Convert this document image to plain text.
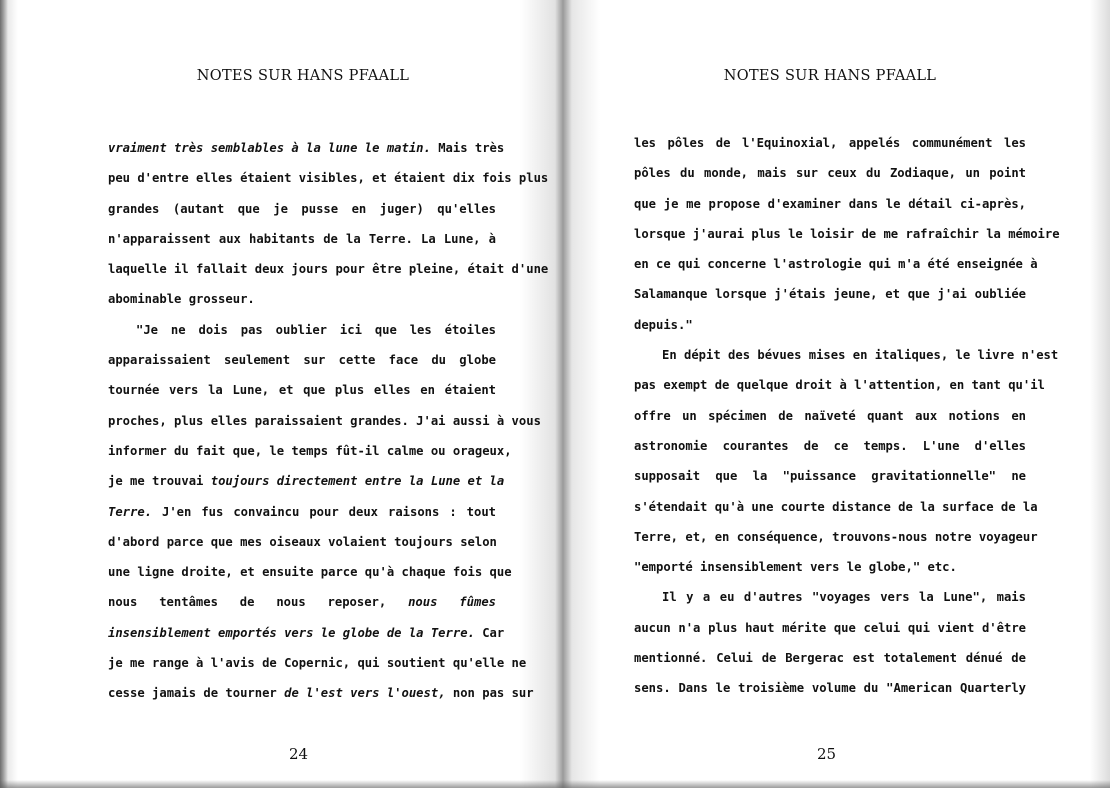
NOTES SUR HANS PFAALL
vraiment très semblables à la lune le matin. Mais très
peu d'entre elles étaient visibles, et étaient dix fois plus
grandes (autant que je pusse en juger) qu'elles
n'apparaissent aux habitants de la Terre. La Lune, à
laquelle il fallait deux jours pour être pleine, était d'une
abominable grosseur.
"Je ne dois pas oublier ici que les étoiles
apparaissaient seulement sur cette face du globe
tournée vers la Lune, et que plus elles en étaient
proches, plus elles paraissaient grandes. J'ai aussi à vous
informer du fait que, le temps fût-il calme ou orageux,
je me trouvai toujours directement entre la Lune et la
Terre. J'en fus convaincu pour deux raisons : tout
d'abord parce que mes oiseaux volaient toujours selon
une ligne droite, et ensuite parce qu'à chaque fois que
nous tentâmes de nous reposer, nous fûmes
insensiblement emportés vers le globe de la Terre. Car
je me range à l'avis de Copernic, qui soutient qu'elle ne
cesse jamais de tourner de l'est vers l'ouest, non pas sur
24
NOTES SUR HANS PFAALL
les pôles de l'Equinoxial, appelés communément les
pôles du monde, mais sur ceux du Zodiaque, un point
que je me propose d'examiner dans le détail ci-après,
lorsque j'aurai plus le loisir de me rafraîchir la mémoire
en ce qui concerne l'astrologie qui m'a été enseignée à
Salamanque lorsque j'étais jeune, et que j'ai oubliée
depuis."
En dépit des bévues mises en italiques, le livre n'est
pas exempt de quelque droit à l'attention, en tant qu'il
offre un spécimen de naïveté quant aux notions en
astronomie courantes de ce temps. L'une d'elles
supposait que la "puissance gravitationnelle" ne
s'étendait qu'à une courte distance de la surface de la
Terre, et, en conséquence, trouvons-nous notre voyageur
"emporté insensiblement vers le globe," etc.
Il y a eu d'autres "voyages vers la Lune", mais
aucun n'a plus haut mérite que celui qui vient d'être
mentionné. Celui de Bergerac est totalement dénué de
sens. Dans le troisième volume du "American Quarterly
25
